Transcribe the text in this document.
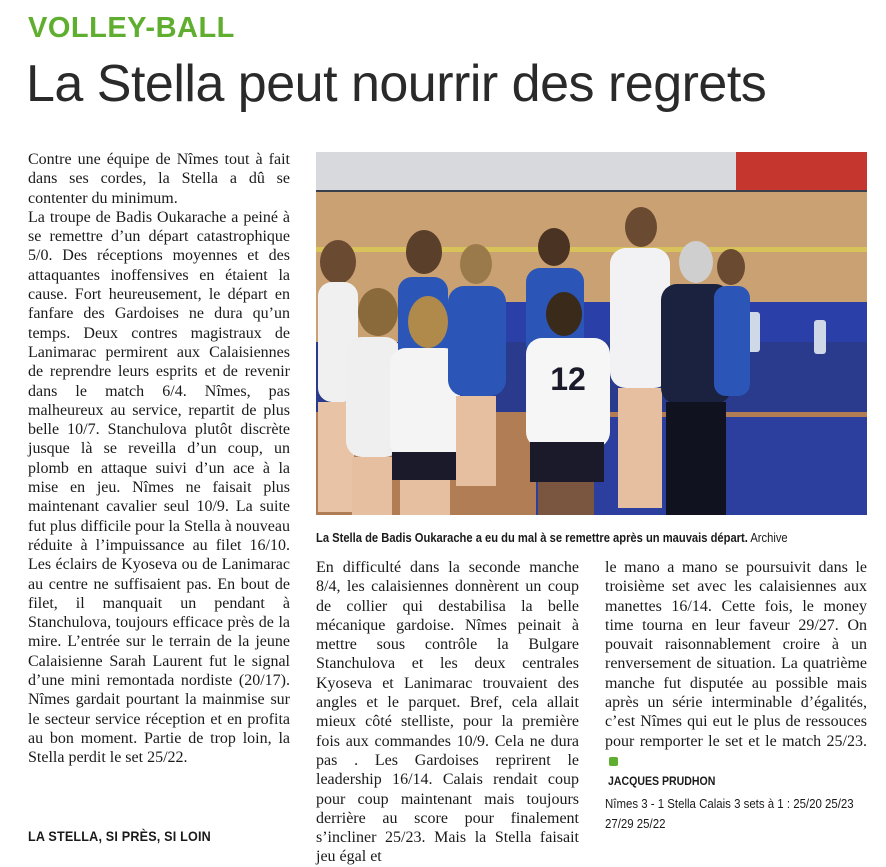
VOLLEY-BALL
La Stella peut nourrir des regrets

Contre une équipe de Nîmes tout à fait dans ses cordes, la Stella a dû se contenter du minimum.

La troupe de Badis Oukarache a peiné à se remettre d’un départ catastrophique 5/0. Des réceptions moyennes et des attaquantes inoffensives en étaient la cause. Fort heureusement, le départ en fanfare des Gardoises ne dura qu’un temps. Deux contres magistraux de Lanimarac permirent aux Calaisiennes de reprendre leurs esprits et de revenir dans le match 6/4. Nîmes, pas malheureux au service, repartit de plus belle 10/7. Stanchulova plutôt discrète jusque là se reveilla d’un coup, un plomb en attaque suivi d’un ace à la mise en jeu. Nîmes ne faisait plus maintenant cavalier seul 10/9. La suite fut plus difficile pour la Stella à nouveau réduite à l’impuissance au filet 16/10. Les éclairs de Kyoseva ou de Lanimarac au centre ne suffisaient pas. En bout de filet, il manquait un pendant à Stanchulova, toujours efficace près de la mire. L’entrée sur le terrain de la jeune Calaisienne Sarah Laurent fut le signal d’une mini remontada nordiste (20/17). Nîmes gardait pourtant la mainmise sur le secteur service réception et en profita au bon moment. Partie de trop loin, la Stella perdit le set 25/22.

LA STELLA, SI PRÈS, SI LOIN
12
La Stella de Badis Oukarache a eu du mal à se remettre après un mauvais départ. Archive

En difficulté dans la seconde manche 8/4, les calaisiennes donnèrent un coup de collier qui destabilisa la belle mécanique gardoise. Nîmes peinait à mettre sous contrôle la Bulgare Stanchulova et les deux centrales Kyoseva et Lanimarac trouvaient des angles et le parquet. Bref, cela allait mieux côté stelliste, pour la première fois aux commandes 10/9. Cela ne dura pas . Les Gardoises reprirent le leadership 16/14. Calais rendait coup pour coup maintenant mais toujours derrière au score pour finalement s’incliner 25/23. Mais la Stella faisait jeu égal et

le mano a mano se poursuivit dans le troisième set avec les calaisiennes aux manettes 16/14. Cette fois, le money time tourna en leur faveur 29/27. On pouvait raisonnablement croire à un renversement de situation. La quatrième manche fut disputée au possible mais après un série interminable d’égalités, c’est Nîmes qui eut le plus de ressouces pour remporter le set et le match 25/23.

JACQUES PRUDHON
Nîmes 3 - 1 Stella Calais 3 sets à 1 : 25/20 25/23 27/29 25/22
